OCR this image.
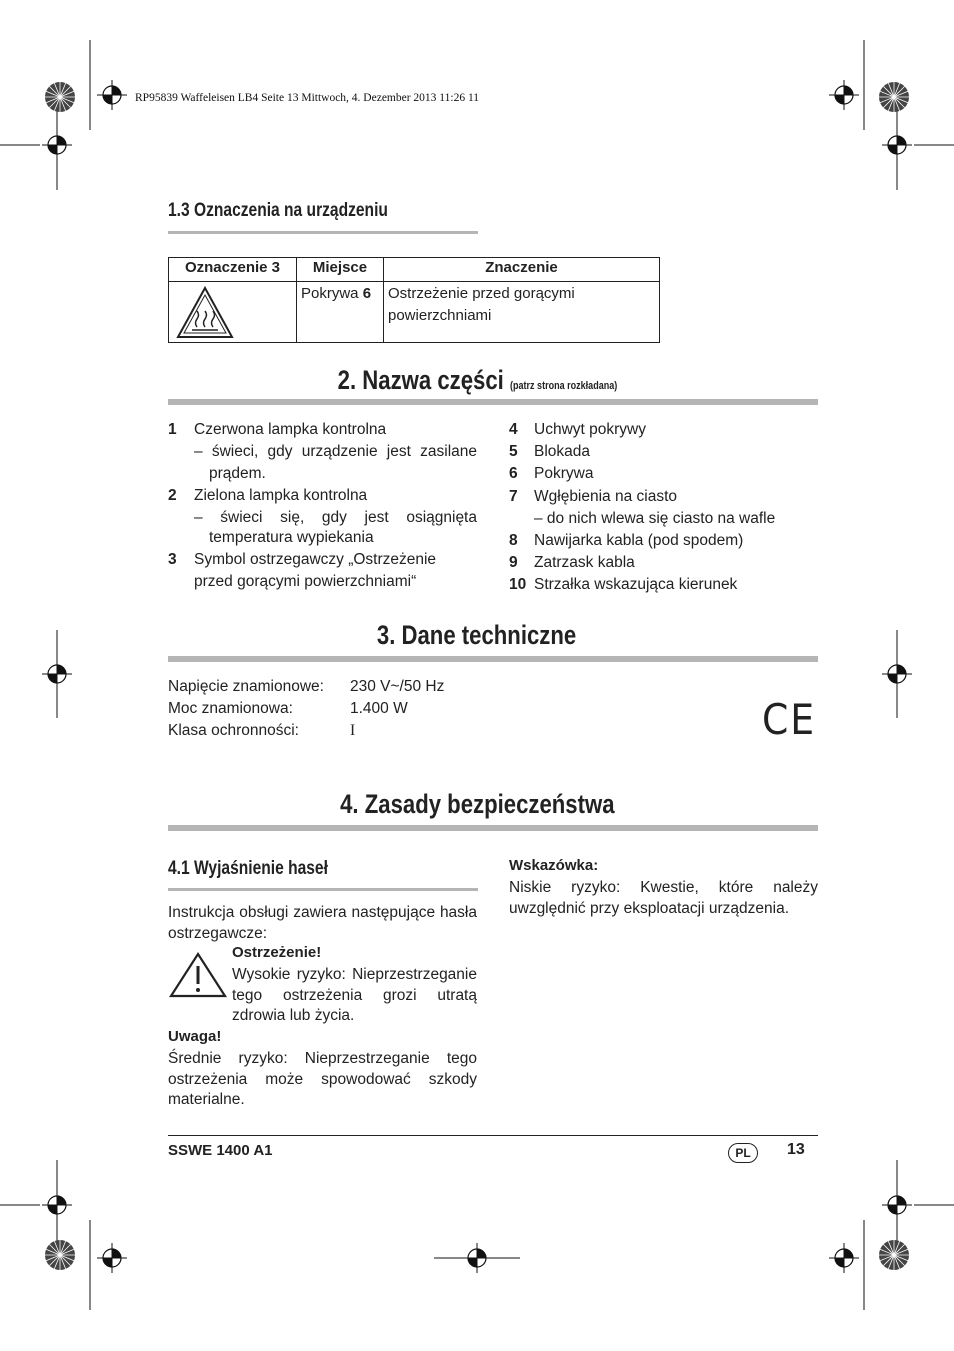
RP95839 Waffeleisen LB4 Seite 13 Mittwoch, 4. Dezember 2013 11:26 11
1.3 Oznaczenia na urządzeniu
Oznaczenie 3	Miejsce	Znaczenie

	Pokrywa 6	Ostrzeżenie przed gorącymi powierzchniami
2. Nazwa części (patrz strona rozkładana)
1 Czerwona lampka kontrolna
– świeci, gdy urządzenie jest zasilane
prądem.
2 Zielona lampka kontrolna
– świeci się, gdy jest osiągnięta
temperatura wypiekania
3 Symbol ostrzegawczy „Ostrzeżenie
przed gorącymi powierzchniami“
4 Uchwyt pokrywy
5 Blokada
6 Pokrywa
7 Wgłębienia na ciasto
– do nich wlewa się ciasto na wafle
8 Nawijarka kabla (pod spodem)
9 Zatrzask kabla
10 Strzałka wskazująca kierunek
3. Dane techniczne
Napięcie znamionowe: 230 V~/50 Hz
Moc znamionowa:	1.400 W
Klasa ochronności:	I	CE
4. Zasady bezpieczeństwa
4.1 Wyjaśnienie haseł
Instrukcja obsługi zawiera następujące hasła ostrzegawcze:
Ostrzeżenie!
Wysokie ryzyko: Nieprzestrzeganie tego ostrzeżenia grozi utratą zdrowia lub życia.
Uwaga!
Średnie ryzyko: Nieprzestrzeganie tego ostrzeżenia może spowodować szkody materialne.
Wskazówka:
Niskie ryzyko: Kwestie, które należy uwzględnić przy eksploatacji urządzenia.
SSWE 1400 A1	PL	13
